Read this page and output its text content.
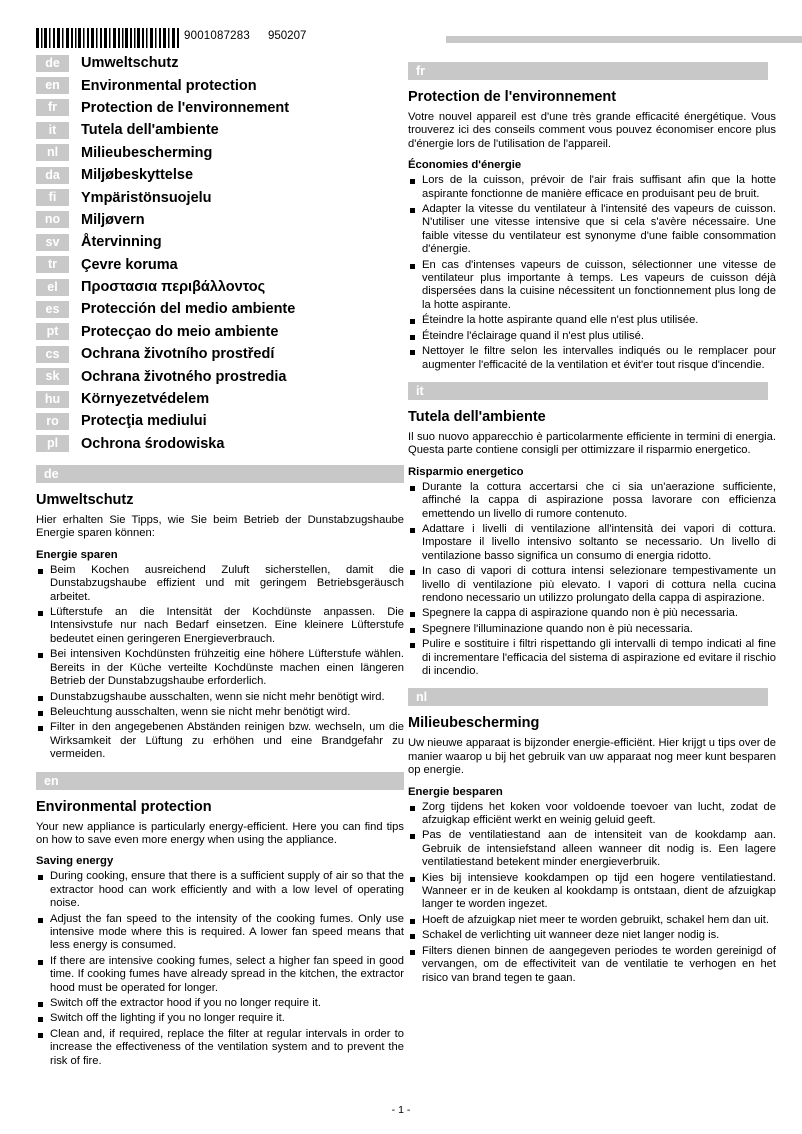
9001087283 950207
de	Umweltschutz
en	Environmental protection
fr	Protection de l'environnement
it	Tutela dell'ambiente
nl	Milieubescherming
da	Miljøbeskyttelse
fi	Ympäristönsuojelu
no	Miljøvern
sv	Återvinning
tr	Çevre koruma
el	Προστασια περιβάλλοντος
es	Protección del medio ambiente
pt	Protecçao do meio ambiente
cs	Ochrana životního prostředí
sk	Ochrana životného prostredia
hu	Környezetvédelem
ro	Protecţia mediului
pl	Ochrona środowiska
de
Umweltschutz

Hier erhalten Sie Tipps, wie Sie beim Betrieb der Dunstabzugshaube Energie sparen können:

Energie sparen
Beim Kochen ausreichend Zuluft sicherstellen, damit die Dunstabzugshaube effizient und mit geringem Betriebsgeräusch arbeitet.
Lüfterstufe an die Intensität der Kochdünste anpassen. Die Intensivstufe nur nach Bedarf einsetzen. Eine kleinere Lüfterstufe bedeutet einen geringeren Energieverbrauch.
Bei intensiven Kochdünsten frühzeitig eine höhere Lüfterstufe wählen. Bereits in der Küche verteilte Kochdünste machen einen längeren Betrieb der Dunstabzugshaube erforderlich.
Dunstabzugshaube ausschalten, wenn sie nicht mehr benötigt wird.
Beleuchtung ausschalten, wenn sie nicht mehr benötigt wird.
Filter in den angegebenen Abständen reinigen bzw. wechseln, um die Wirksamkeit der Lüftung zu erhöhen und eine Brandgefahr zu vermeiden.
en
Environmental protection

Your new appliance is particularly energy-efficient. Here you can find tips on how to save even more energy when using the appliance.

Saving energy
During cooking, ensure that there is a sufficient supply of air so that the extractor hood can work efficiently and with a low level of operating noise.
Adjust the fan speed to the intensity of the cooking fumes. Only use intensive mode where this is required. A lower fan speed means that less energy is consumed.
If there are intensive cooking fumes, select a higher fan speed in good time. If cooking fumes have already spread in the kitchen, the extractor hood must be operated for longer.
Switch off the extractor hood if you no longer require it.
Switch off the lighting if you no longer require it.
Clean and, if required, replace the filter at regular intervals in order to increase the effectiveness of the ventilation system and to prevent the risk of fire.
fr
Protection de l'environnement

Votre nouvel appareil est d'une très grande efficacité énergétique. Vous trouverez ici des conseils comment vous pouvez économiser encore plus d'énergie lors de l'utilisation de l'appareil.

Économies d'énergie
Lors de la cuisson, prévoir de l'air frais suffisant afin que la hotte aspirante fonctionne de manière efficace en produisant peu de bruit.
Adapter la vitesse du ventilateur à l'intensité des vapeurs de cuisson. N'utiliser une vitesse intensive que si cela s'avère nécessaire. Une faible vitesse du ventilateur est synonyme d'une faible consommation d'énergie.
En cas d'intenses vapeurs de cuisson, sélectionner une vitesse de ventilateur plus importante à temps. Les vapeurs de cuisson déjà dispersées dans la cuisine nécessitent un fonctionnement plus long de la hotte aspirante.
Éteindre la hotte aspirante quand elle n'est plus utilisée.
Éteindre l'éclairage quand il n'est plus utilisé.
Nettoyer le filtre selon les intervalles indiqués ou le remplacer pour augmenter l'efficacité de la ventilation et évit'er tout risque d'incendie.
it
Tutela dell'ambiente

Il suo nuovo apparecchio è particolarmente efficiente in termini di energia. Questa parte contiene consigli per ottimizzare il risparmio energetico.

Risparmio energetico
Durante la cottura accertarsi che ci sia un'aerazione sufficiente, affinché la cappa di aspirazione possa lavorare con efficienza emettendo un livello di rumore contenuto.
Adattare i livelli di ventilazione all'intensità dei vapori di cottura. Impostare il livello intensivo soltanto se necessario. Un livello di ventilazione basso significa un consumo di energia ridotto.
In caso di vapori di cottura intensi selezionare tempestivamente un livello di ventilazione più elevato. I vapori di cottura nella cucina rendono necessario un utilizzo prolungato della cappa di aspirazione.
Spegnere la cappa di aspirazione quando non è più necessaria.
Spegnere l'illuminazione quando non è più necessaria.
Pulire e sostituire i filtri rispettando gli intervalli di tempo indicati al fine di incrementare l'efficacia del sistema di aspirazione ed evitare il rischio di incendio.
nl
Milieubescherming

Uw nieuwe apparaat is bijzonder energie-efficiënt. Hier krijgt u tips over de manier waarop u bij het gebruik van uw apparaat nog meer kunt besparen op energie.

Energie besparen
Zorg tijdens het koken voor voldoende toevoer van lucht, zodat de afzuigkap efficiënt werkt en weinig geluid geeft.
Pas de ventilatiestand aan de intensiteit van de kookdamp aan. Gebruik de intensiefstand alleen wanneer dit nodig is. Een lagere ventilatiestand betekent minder energieverbruik.
Kies bij intensieve kookdampen op tijd een hogere ventilatiestand. Wanneer er in de keuken al kookdamp is ontstaan, dient de afzuigkap langer te worden ingezet.
Hoeft de afzuigkap niet meer te worden gebruikt, schakel hem dan uit.
Schakel de verlichting uit wanneer deze niet langer nodig is.
Filters dienen binnen de aangegeven periodes te worden gereinigd of vervangen, om de effectiviteit van de ventilatie te verhogen en het risico van brand tegen te gaan.
- 1 -
